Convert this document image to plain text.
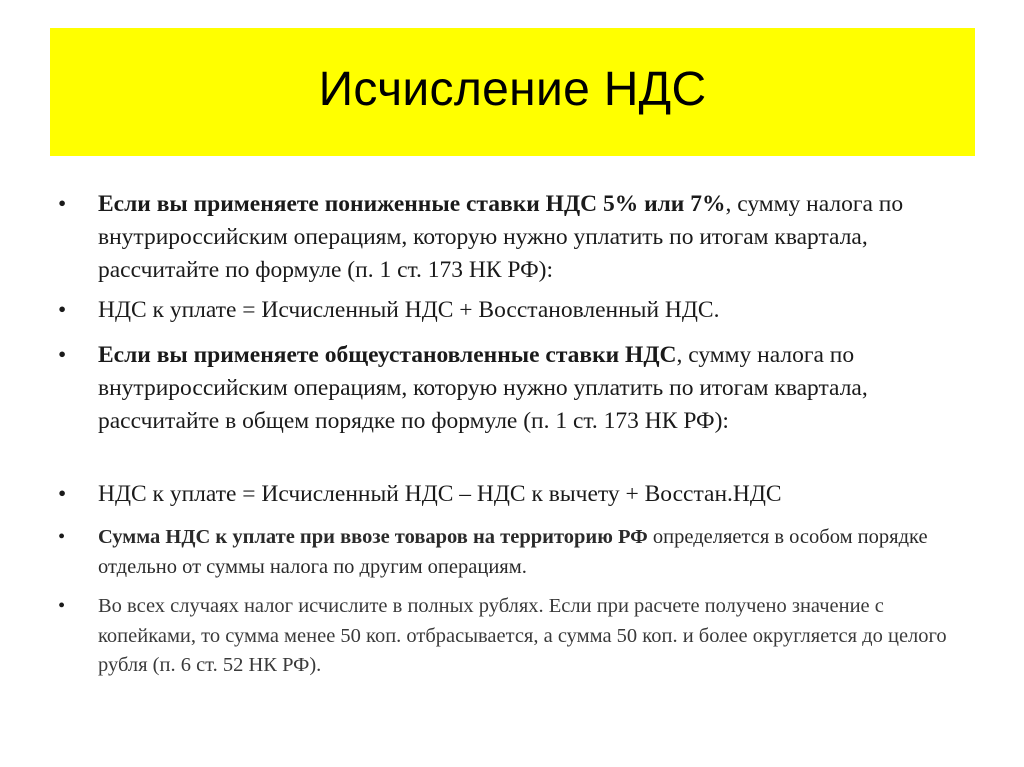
Исчисление НДС
• Если вы применяете пониженные ставки НДС 5% или 7%, сумму налога по внутрироссийским операциям, которую нужно уплатить по итогам квартала, рассчитайте по формуле (п. 1 ст. 173 НК РФ):
• НДС к уплате = Исчисленный НДС + Восстановленный НДС.
• Если вы применяете общеустановленные ставки НДС, сумму налога по внутрироссийским операциям, которую нужно уплатить по итогам квартала, рассчитайте в общем порядке по формуле (п. 1 ст. 173 НК РФ):
• НДС к уплате = Исчисленный НДС – НДС к вычету + Восстан.НДС
• Сумма НДС к уплате при ввозе товаров на территорию РФ определяется в особом порядке отдельно от суммы налога по другим операциям.
• Во всех случаях налог исчислите в полных рублях. Если при расчете получено значение с копейками, то сумма менее 50 коп. отбрасывается, а сумма 50 коп. и более округляется до целого рубля (п. 6 ст. 52 НК РФ).
